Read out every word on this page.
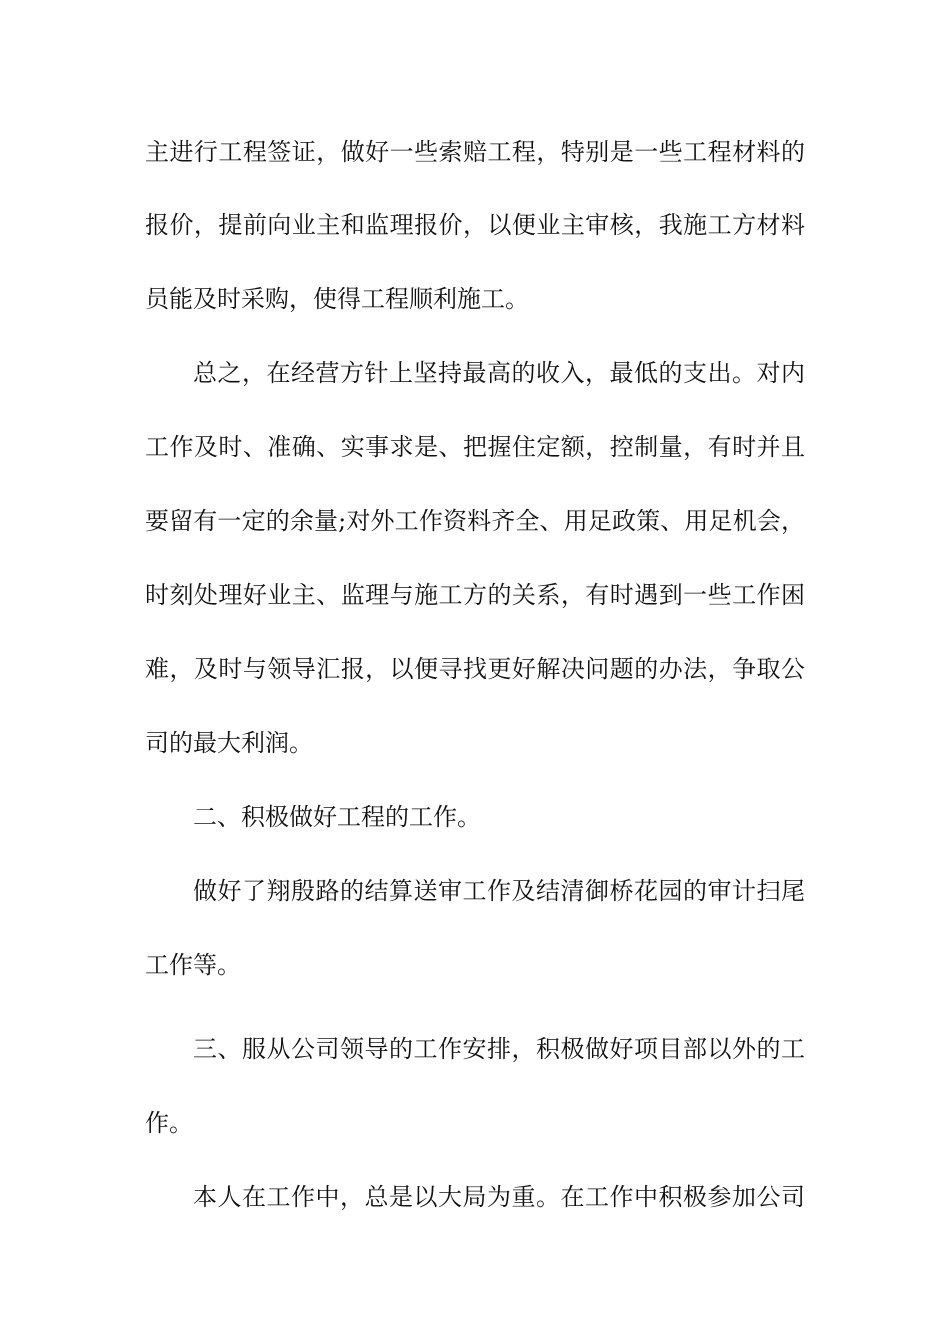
主进行工程签证，做好一些索赔工程，特别是一些工程材料的
报价，提前向业主和监理报价，以便业主审核，我施工方材料
员能及时采购，使得工程顺利施工。
总之，在经营方针上坚持最高的收入，最低的支出。对内
工作及时、准确、实事求是、把握住定额，控制量，有时并且
要留有一定的余量;对外工作资料齐全、用足政策、用足机会，
时刻处理好业主、监理与施工方的关系，有时遇到一些工作困
难，及时与领导汇报，以便寻找更好解决问题的办法，争取公
司的最大利润。
二、积极做好工程的工作。
做好了翔殷路的结算送审工作及结清御桥花园的审计扫尾
工作等。
三、服从公司领导的工作安排，积极做好项目部以外的工
作。
本人在工作中，总是以大局为重。在工作中积极参加公司
